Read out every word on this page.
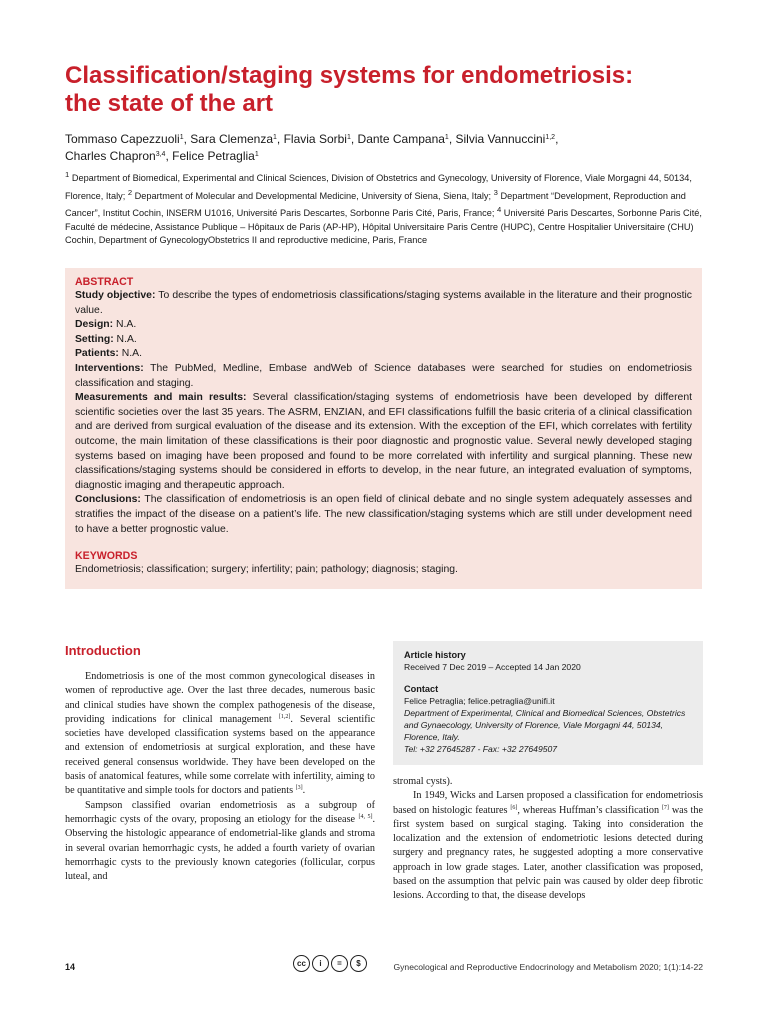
Classification/staging systems for endometriosis:
the state of the art
Tommaso Capezzuoli$^1$, Sara Clemenza$^1$, Flavia Sorbi$^1$, Dante Campana$^1$, Silvia Vannuccini$^{1,2}$,
Charles Chapron$^{3,4}$, Felice Petraglia$^1$
$^1$ Department of Biomedical, Experimental and Clinical Sciences, Division of Obstetrics and Gynecology, University of Florence, Viale Morgagni 44, 50134, Florence, Italy; $^2$ Department of Molecular and Developmental Medicine, University of Siena, Siena, Italy; $^3$ Department “Development, Reproduction and Cancer”, Institut Cochin, INSERM U1016, Université Paris Descartes, Sorbonne Paris Cité, Paris, France; $^4$ Université Paris Descartes, Sorbonne Paris Cité, Faculté de médecine, Assistance Publique – Hôpitaux de Paris (AP-HP), Hôpital Universitaire Paris Centre (HUPC), Centre Hospitalier Universitaire (CHU) Cochin, Department of GynecologyObstetrics II and reproductive medicine, Paris, France

ABSTRACT

Study objective: To describe the types of endometriosis classifications/staging systems available in the literature and their prognostic value.

Design: N.A.

Setting: N.A.

Patients: N.A.

Interventions: The PubMed, Medline, Embase andWeb of Science databases were searched for studies on endometriosis classification and staging.

Measurements and main results: Several classification/staging systems of endometriosis have been developed by different scientific societies over the last 35 years. The ASRM, ENZIAN, and EFI classifications fulfill the basic criteria of a clinical classification and are derived from surgical evaluation of the disease and its extension. With the exception of the EFI, which correlates with fertility outcome, the main limitation of these classifications is their poor diagnostic and prognostic value. Several newly developed staging systems based on imaging have been proposed and found to be more correlated with infertility and surgical planning. These new classifications/staging systems should be considered in efforts to develop, in the near future, an integrated evaluation of symptoms, diagnostic imaging and therapeutic approach.

Conclusions: The classification of endometriosis is an open field of clinical debate and no single system adequately assesses and stratifies the impact of the disease on a patient’s life. The new classification/staging systems which are still under development need to have a better prognostic value.

KEYWORDS

Endometriosis; classification; surgery; infertility; pain; pathology; diagnosis; staging.

Introduction

Endometriosis is one of the most common gynecological diseases in women of reproductive age. Over the last three decades, numerous basic and clinical studies have shown the complex pathogenesis of the disease, providing indications for clinical management [1,2]. Several scientific societies have developed classification systems based on the appearance and extension of endometriosis at surgical exploration, and these have received general consensus worldwide. They have been developed on the basis of anatomical features, while some correlate with infertility, aiming to be quantitative and simple tools for doctors and patients [3].

Sampson classified ovarian endometriosis as a subgroup of hemorrhagic cysts of the ovary, proposing an etiology for the disease [4, 5]. Observing the histologic appearance of endometrial-like glands and stroma in several ovarian hemorrhagic cysts, he added a fourth variety of ovarian hemorrhagic cysts to the previously known categories (follicular, corpus luteal, and

Article history

Received 7 Dec 2019 – Accepted 14 Jan 2020

Contact

Felice Petraglia; felice.petraglia@unifi.it
Department of Experimental, Clinical and Biomedical Sciences, Obstetrics and Gynaecology, University of Florence, Viale Morgagni 44, 50134, Florence, Italy.
Tel: +32 27645287 - Fax: +32 27649507

stromal cysts).

In 1949, Wicks and Larsen proposed a classification for endometriosis based on histologic features [6], whereas Huffman’s classification [7] was the first system based on surgical staging. Taking into consideration the localization and the extension of endometriotic lesions detected during surgery and pregnancy rates, he suggested adopting a more conservative approach in low grade stages. Later, another classification was proposed, based on the assumption that pelvic pain was caused by older deep fibrotic lesions. According to that, the disease develops

14	cc	i	=	$	Gynecological and Reproductive Endocrinology and Metabolism 2020; 1(1):14-22
